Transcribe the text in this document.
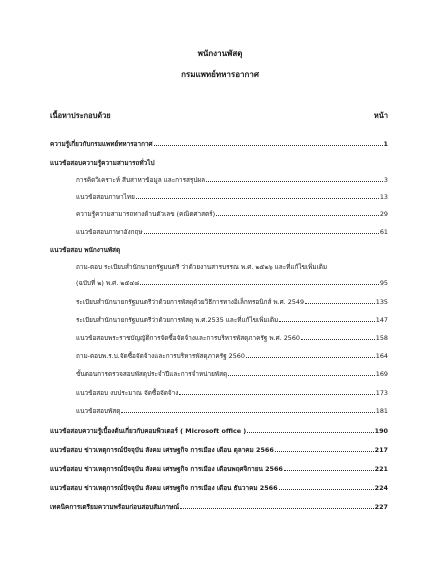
พนักงานพัสดุ
กรมแพทย์ทหารอากาศ
เนื้อหาประกอบด้วย	หน้า
ความรู้เกี่ยวกับกรมแพทย์ทหารอากาศ	1
แนวข้อสอบความรู้ความสามารถทั่วไป
การคิดวิเคราะห์ สืบสาหาข้อมูล และการสรุปผล	3
แนวข้อสอบภาษาไทย	13
ความรู้ความสามารถทางด้านตัวเลข (คณิตศาสตร์)	29
แนวข้อสอบภาษาอังกฤษ	61
แนวข้อสอบ พนักงานพัสดุ
ถาม-ตอบ ระเบียบสำนักนายกรัฐมนตรี ว่าด้วยงานสารบรรณ พ.ศ. ๒๕๒๖ และที่แก้ไขเพิ่มเติม
(ฉบับที่ ๒) พ.ศ. ๒๕๔๘	95
ระเบียบสำนักนายกรัฐมนตรีว่าด้วยการพัสดุด้วยวิธีการทางอิเล็กทรอนิกส์ พ.ศ. 2549	135
ระเบียบสำนักนายกรัฐมนตรีว่าด้วยการพัสดุ พ.ศ.2535 และที่แก้ไขเพิ่มเติม	147
แนวข้อสอบพระราชบัญญัติการจัดซื้อจัดจ้างและการบริหารพัสดุภาครัฐ พ.ศ. 2560	158
ถาม-ตอบพ.ร.บ.จัดซื้อจัดจ้างและการบริหารพัสดุภาครัฐ 2560	164
ขั้นตอนการตรวจสอบพัสดุประจำปีและการจำหน่ายพัสดุ	169
แนวข้อสอบ งบประมาณ จัดซื้อจัดจ้าง	173
แนวข้อสอบพัสดุ	181
แนวข้อสอบความรู้เบื้องต้นเกี่ยวกับคอมพิวเตอร์ ( Microsoft office )	190
แนวข้อสอบ ข่าวเหตุการณ์ปัจจุบัน สังคม เศรษฐกิจ การเมือง เดือน ตุลาคม 2566	217
แนวข้อสอบ ข่าวเหตุการณ์ปัจจุบัน สังคม เศรษฐกิจ การเมือง เดือนพฤศจิกายน 2566	221
แนวข้อสอบ ข่าวเหตุการณ์ปัจจุบัน สังคม เศรษฐกิจ การเมือง เดือน ธันวาคม 2566	224
เทคนิคการเตรียมความพร้อมก่อนสอบสัมภาษณ์	227
